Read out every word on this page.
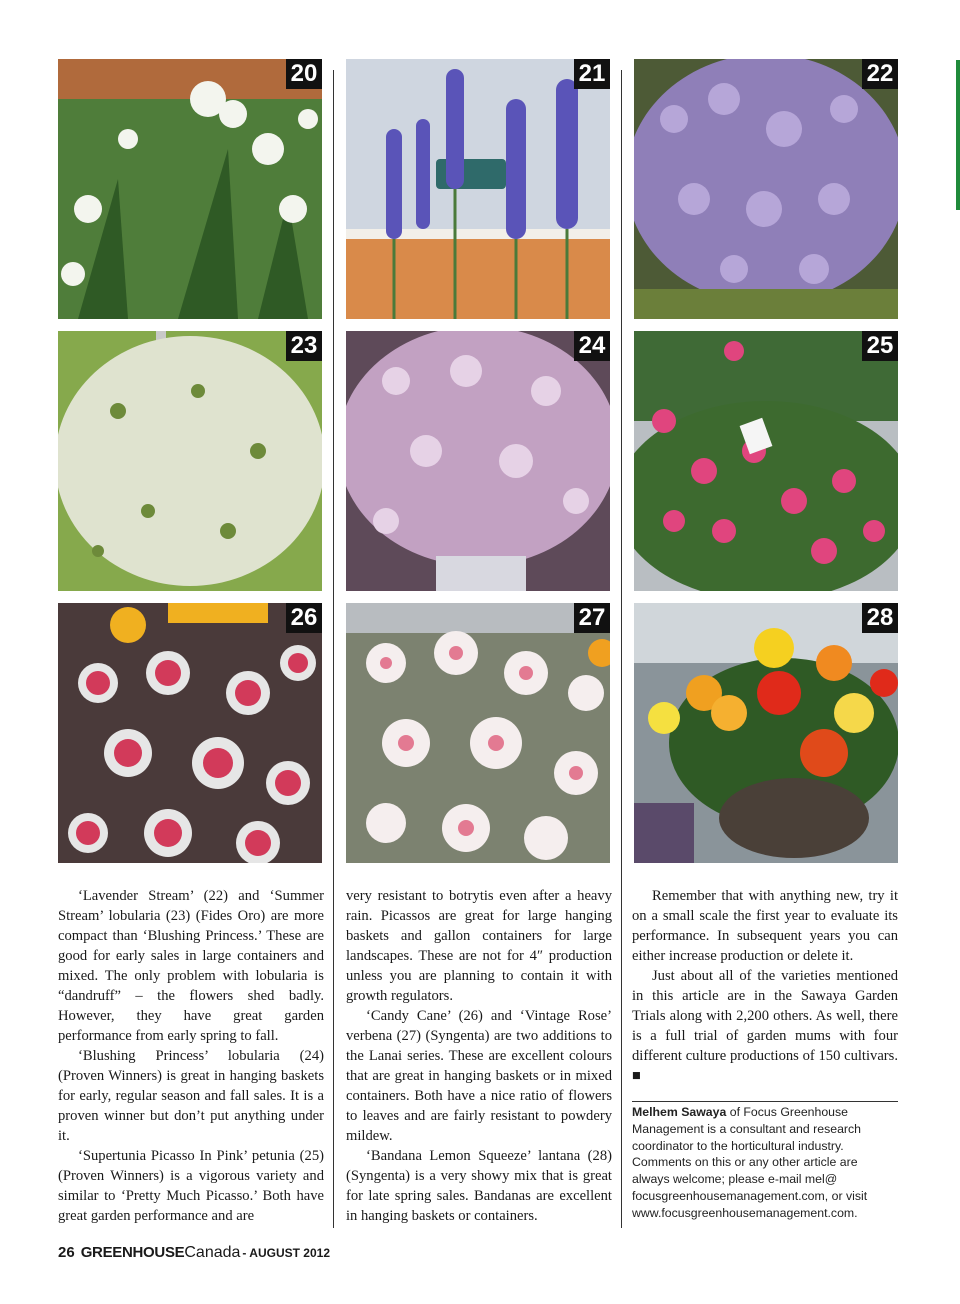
20	21	22
23	24	25
26	27	28

‘Lavender Stream’ (22) and ‘Summer Stream’ lobularia (23) (Fides Oro) are more compact than ‘Blushing Princess.’ These are good for early sales in large containers and mixed. The only problem with lobularia is “dandruff” – the flowers shed badly. However, they have great garden performance from early spring to fall.

‘Blushing Princess’ lobularia (24) (Proven Winners) is great in hanging baskets for early, regular season and fall sales. It is a proven winner but don’t put anything under it.

‘Supertunia Picasso In Pink’ petunia (25) (Proven Winners) is a vigorous variety and similar to ‘Pretty Much Picasso.’ Both have great garden performance and are

very resistant to botrytis even after a heavy rain. Picassos are great for large hanging baskets and gallon containers for large landscapes. These are not for 4″ production unless you are planning to contain it with growth regulators.

‘Candy Cane’ (26) and ‘Vintage Rose’ verbena (27) (Syngenta) are two additions to the Lanai series. These are excellent colours that are great in hanging baskets or in mixed containers. Both have a nice ratio of flowers to leaves and are fairly resistant to powdery mildew.

‘Bandana Lemon Squeeze’ lantana (28) (Syngenta) is a very showy mix that is great for late spring sales. Bandanas are excellent in hanging baskets or containers.

Remember that with anything new, try it on a small scale the first year to evaluate its performance. In subsequent years you can either increase production or delete it.

Just about all of the varieties mentioned in this article are in the Sawaya Garden Trials along with 2,200 others. As well, there is a full trial of garden mums with four different culture productions of 150 cultivars. ■

Melhem Sawaya of Focus Greenhouse Management is a consultant and research coordinator to the horticultural industry. Comments on this or any other article are always welcome; please e-mail mel@ focusgreenhousemanagement.com, or visit www.focusgreenhousemanagement.com.
26 GREENHOUSECanada - AUGUST 2012
